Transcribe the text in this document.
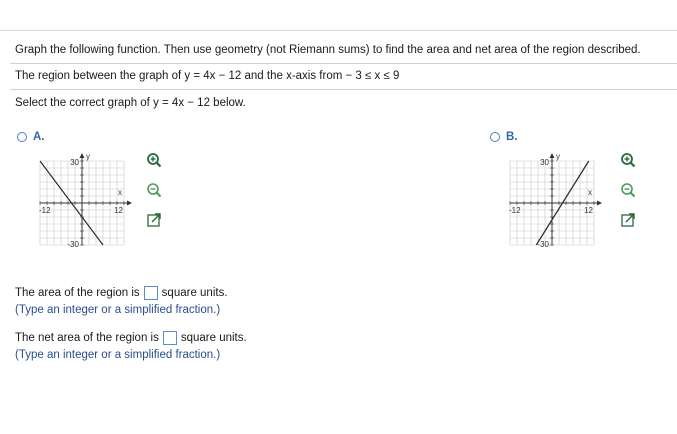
Graph the following function. Then use geometry (not Riemann sums) to find the area and net area of the region described.
The region between the graph of y = 4x − 12 and the x-axis from − 3 ≤ x ≤ 9
Select the correct graph of y = 4x − 12 below.
A.
y
30
-30
x
-12	12
B.
y
30
-30
x
-12	12
The area of the region is square units.
(Type an integer or a simplified fraction.)
The net area of the region is square units.
(Type an integer or a simplified fraction.)
